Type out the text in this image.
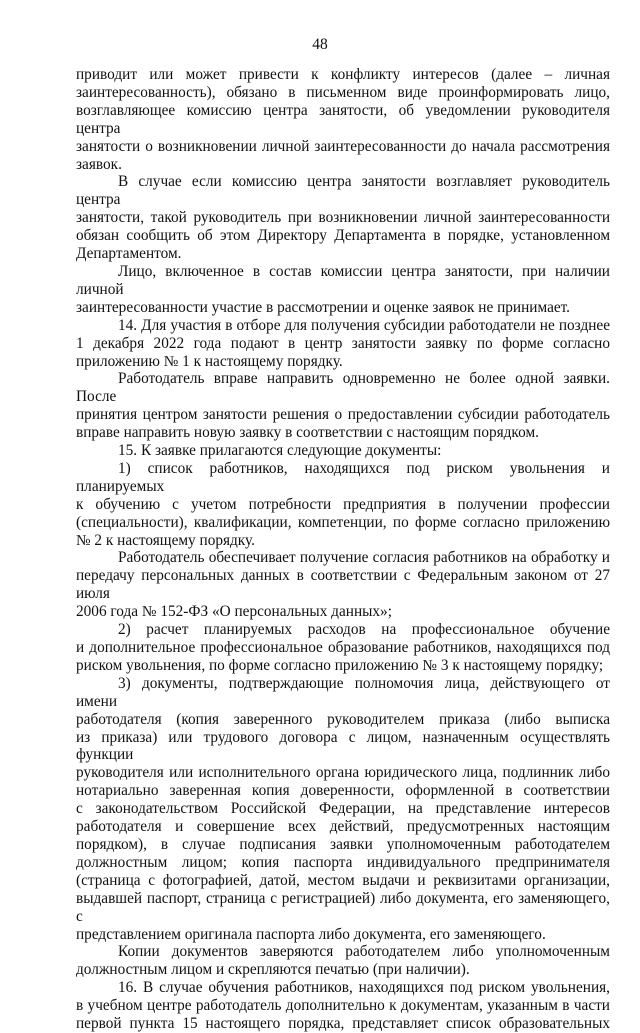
48
приводит или может привести к конфликту интересов (далее – личная
заинтересованность), обязано в письменном виде проинформировать лицо,
возглавляющее комиссию центра занятости, об уведомлении руководителя центра
занятости о возникновении личной заинтересованности до начала рассмотрения
заявок.
В случае если комиссию центра занятости возглавляет руководитель центра
занятости, такой руководитель при возникновении личной заинтересованности
обязан сообщить об этом Директору Департамента в порядке, установленном
Департаментом.
Лицо, включенное в состав комиссии центра занятости, при наличии личной
заинтересованности участие в рассмотрении и оценке заявок не принимает.
14. Для участия в отборе для получения субсидии работодатели не позднее
1 декабря 2022 года подают в центр занятости заявку по форме согласно
приложению № 1 к настоящему порядку.
Работодатель вправе направить одновременно не более одной заявки. После
принятия центром занятости решения о предоставлении субсидии работодатель
вправе направить новую заявку в соответствии с настоящим порядком.
15. К заявке прилагаются следующие документы:
1) список работников, находящихся под риском увольнения и планируемых
к обучению с учетом потребности предприятия в получении профессии
(специальности), квалификации, компетенции, по форме согласно приложению
№ 2 к настоящему порядку.
Работодатель обеспечивает получение согласия работников на обработку и
передачу персональных данных в соответствии с Федеральным законом от 27 июля
2006 года № 152-ФЗ «О персональных данных»;
2) расчет планируемых расходов на профессиональное обучение
и дополнительное профессиональное образование работников, находящихся под
риском увольнения, по форме согласно приложению № 3 к настоящему порядку;
3) документы, подтверждающие полномочия лица, действующего от имени
работодателя (копия заверенного руководителем приказа (либо выписка
из приказа) или трудового договора с лицом, назначенным осуществлять функции
руководителя или исполнительного органа юридического лица, подлинник либо
нотариально заверенная копия доверенности, оформленной в соответствии
с законодательством Российской Федерации, на представление интересов
работодателя и совершение всех действий, предусмотренных настоящим
порядком), в случае подписания заявки уполномоченным работодателем
должностным лицом; копия паспорта индивидуального предпринимателя
(страница с фотографией, датой, местом выдачи и реквизитами организации,
выдавшей паспорт, страница с регистрацией) либо документа, его заменяющего, с
представлением оригинала паспорта либо документа, его заменяющего.
Копии документов заверяются работодателем либо уполномоченным
должностным лицом и скрепляются печатью (при наличии).
16. В случае обучения работников, находящихся под риском увольнения,
в учебном центре работодатель дополнительно к документам, указанным в части
первой пункта 15 настоящего порядка, представляет список образовательных
